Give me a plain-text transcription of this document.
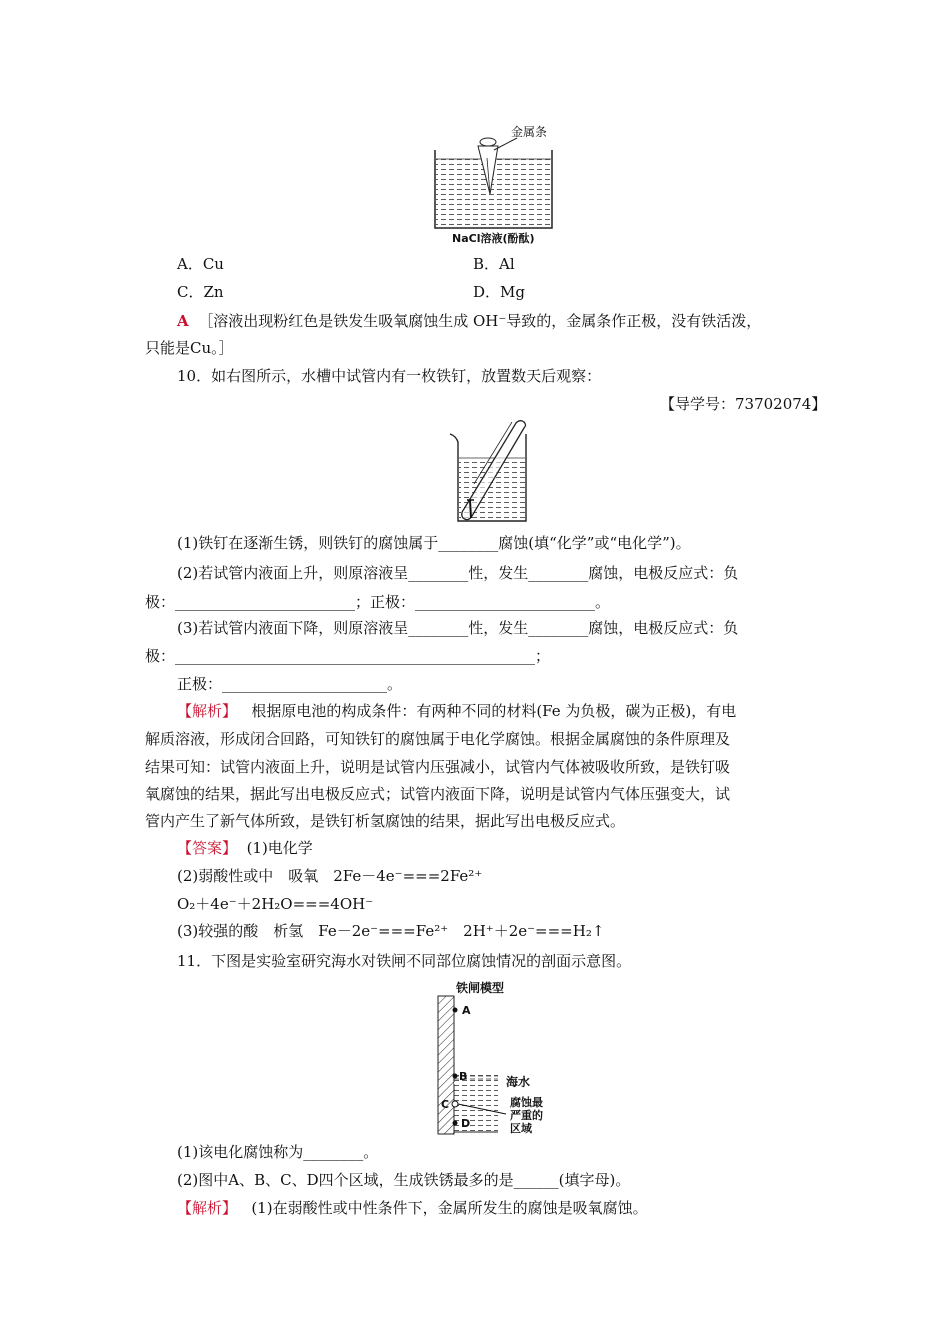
金属条
NaCl溶液(酚酞)
A．Cu	B．Al
C．Zn	D．Mg
A ［溶液出现粉红色是铁发生吸氧腐蚀生成 OH⁻导致的，金属条作正极，没有铁活泼，
只能是Cu。］
10．如右图所示，水槽中试管内有一枚铁钉，放置数天后观察：
【导学号：73702074】
(1)铁钉在逐渐生锈，则铁钉的腐蚀属于________腐蚀(填“化学”或“电化学”)。
(2)若试管内液面上升，则原溶液呈________性，发生________腐蚀，电极反应式：负
极：________________________；正极：________________________。
(3)若试管内液面下降，则原溶液呈________性，发生________腐蚀，电极反应式：负
极：________________________________________________；
正极：______________________。
【解析】 根据原电池的构成条件：有两种不同的材料(Fe 为负极，碳为正极)，有电
解质溶液，形成闭合回路，可知铁钉的腐蚀属于电化学腐蚀。根据金属腐蚀的条件原理及
结果可知：试管内液面上升，说明是试管内压强减小，试管内气体被吸收所致，是铁钉吸
氧腐蚀的结果，据此写出电极反应式；试管内液面下降，说明是试管内气体压强变大，试
管内产生了新气体所致，是铁钉析氢腐蚀的结果，据此写出电极反应式。
【答案】 (1)电化学
(2)弱酸性或中　吸氧　2Fe－4e⁻===2Fe²⁺
O₂＋4e⁻＋2H₂O===4OH⁻
(3)较强的酸　析氢　Fe－2e⁻===Fe²⁺　2H⁺＋2e⁻===H₂↑
11．下图是实验室研究海水对铁闸不同部位腐蚀情况的剖面示意图。
铁闸模型
A
B
C
D
海水
腐蚀最
严重的
区域
(1)该电化腐蚀称为________。
(2)图中A、B、C、D四个区域，生成铁锈最多的是______(填字母)。
【解析】 (1)在弱酸性或中性条件下，金属所发生的腐蚀是吸氧腐蚀。
